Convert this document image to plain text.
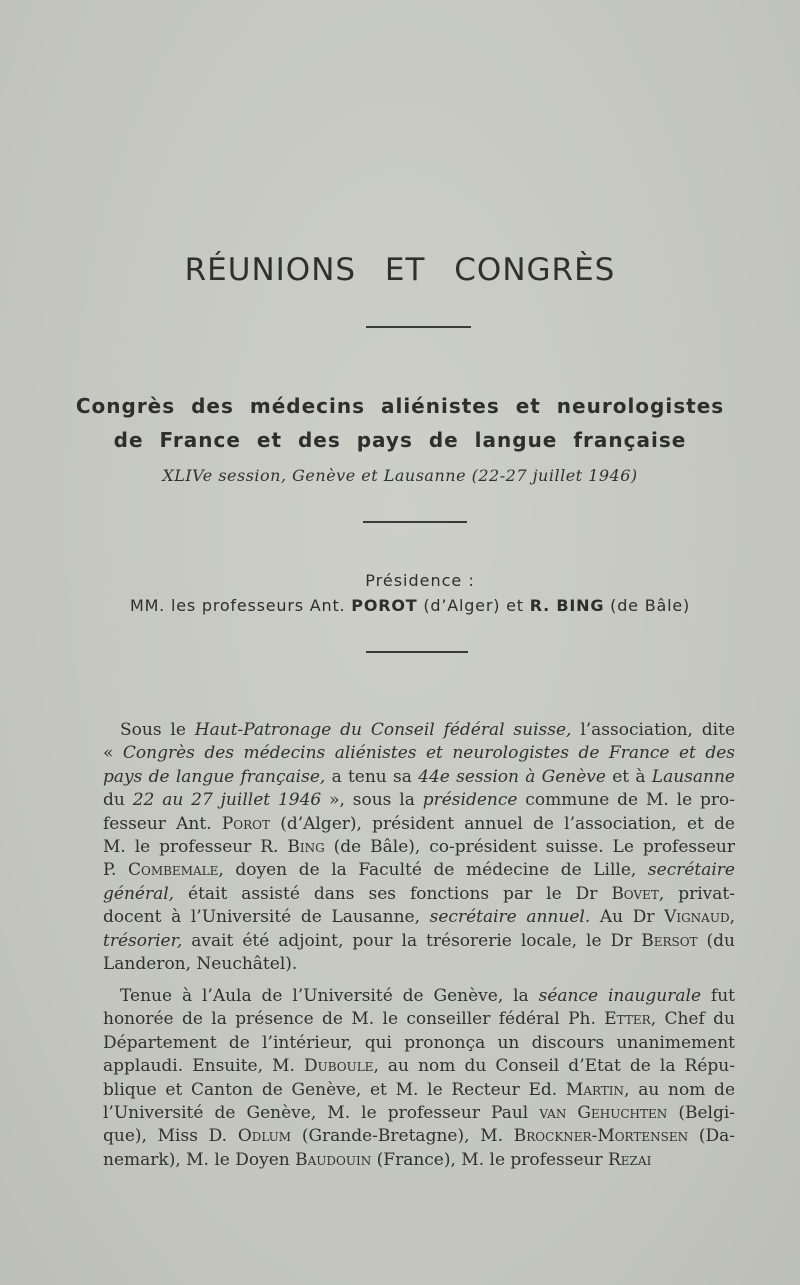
RÉUNIONS ET CONGRÈS
Congrès des médecins aliénistes et neurologistes
de France et des pays de langue française
XLIVe session, Genève et Lausanne (22-27 juillet 1946)
Présidence :
MM. les professeurs Ant. POROT (d’Alger) et R. BING (de Bâle)
Sous le Haut-Patronage du Conseil fédéral suisse, l’association, dite
« Congrès des médecins aliénistes et neurologistes de France et des
pays de langue française, a tenu sa 44e session à Genève et à Lausanne
du 22 au 27 juillet 1946 », sous la présidence commune de M. le pro-
fesseur Ant. Porot (d’Alger), président annuel de l’association, et de
M. le professeur R. Bing (de Bâle), co-président suisse. Le professeur
P. Combemale, doyen de la Faculté de médecine de Lille, secrétaire
général, était assisté dans ses fonctions par le Dr Bovet, privat-
docent à l’Université de Lausanne, secrétaire annuel. Au Dr Vignaud,
trésorier, avait été adjoint, pour la trésorerie locale, le Dr Bersot (du
Landeron, Neuchâtel).
Tenue à l’Aula de l’Université de Genève, la séance inaugurale fut
honorée de la présence de M. le conseiller fédéral Ph. Etter, Chef du
Département de l’intérieur, qui prononça un discours unanimement
applaudi. Ensuite, M. Duboule, au nom du Conseil d’Etat de la Répu-
blique et Canton de Genève, et M. le Recteur Ed. Martin, au nom de
l’Université de Genève, M. le professeur Paul van Gehuchten (Belgi-
que), Miss D. Odlum (Grande-Bretagne), M. Brockner-Mortensen (Da-
nemark), M. le Doyen Baudouin (France), M. le professeur Rezai
